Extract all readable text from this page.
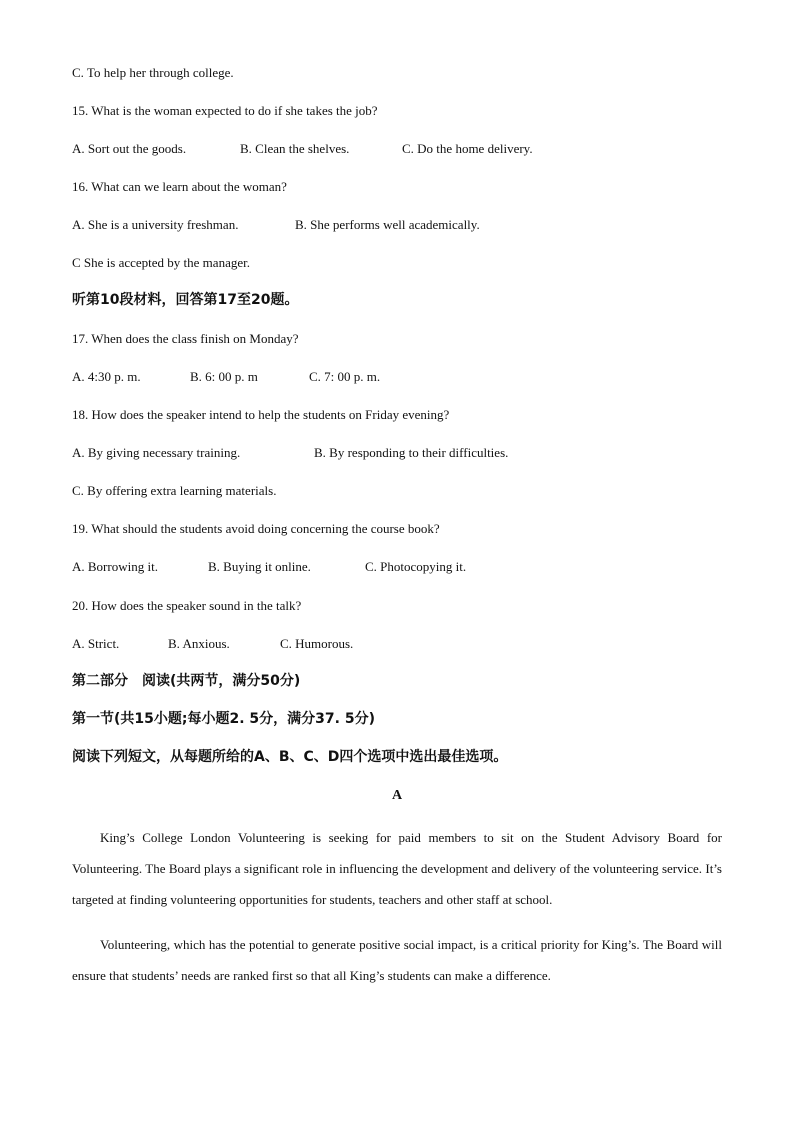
C. To help her through college.

15. What is the woman expected to do if she takes the job?

A. Sort out the goods.	B. Clean the shelves.	C. Do the home delivery.

16. What can we learn about the woman?

A. She is a university freshman.	B. She performs well academically.

C She is accepted by the manager.

听第10段材料，回答第17至20题。

17. When does the class finish on Monday?

A. 4:30 p. m.	B. 6: 00 p. m	C. 7: 00 p. m.

18. How does the speaker intend to help the students on Friday evening?

A. By giving necessary training.	B. By responding to their difficulties.

C. By offering extra learning materials.

19. What should the students avoid doing concerning the course book?

A. Borrowing it.	B. Buying it online.	C. Photocopying it.

20. How does the speaker sound in the talk?

A. Strict.	B. Anxious.	C. Humorous.

第二部分　阅读(共两节，满分50分)

第一节(共15小题;每小题2. 5分，满分37. 5分)

阅读下列短文，从每题所给的A、B、C、D四个选项中选出最佳选项。

A

King’s College London Volunteering is seeking for paid members to sit on the Student Advisory Board for Volunteering. The Board plays a significant role in influencing the development and delivery of the volunteering service. It’s targeted at finding volunteering opportunities for students, teachers and other staff at school.

Volunteering, which has the potential to generate positive social impact, is a critical priority for King’s. The Board will ensure that students’ needs are ranked first so that all King’s students can make a difference.
